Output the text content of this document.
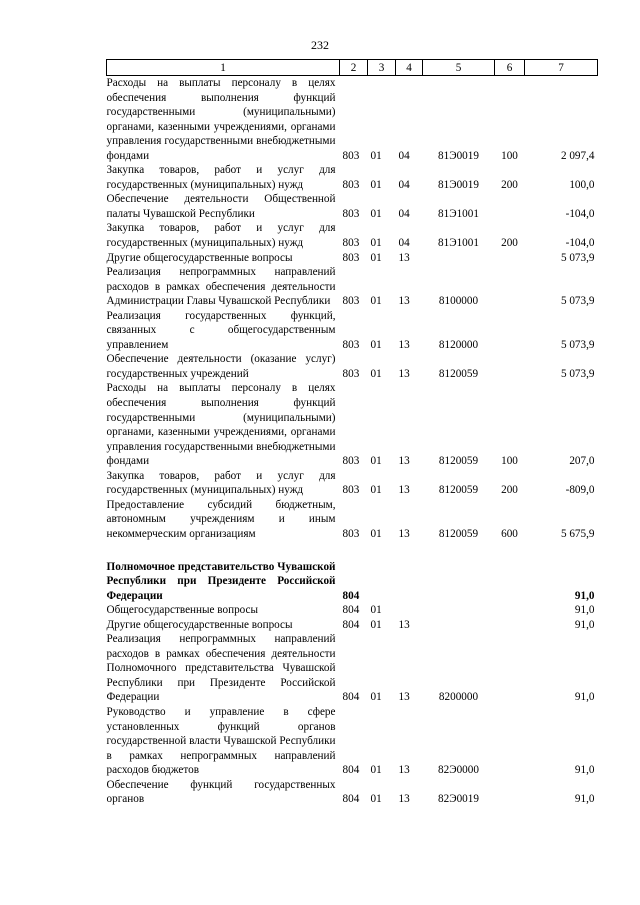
232
1	2	3	4	5	6	7
Расходы на выплаты персоналу в целях обеспечения выполнения функций государственными (муниципальными) органами, казенными учреждениями, органами управления государственными внебюджетными фондами	803	01	04	81Э0019	100	2 097,4
Закупка товаров, работ и услуг для государственных (муниципальных) нужд	803	01	04	81Э0019	200	100,0
Обеспечение деятельности Общественной палаты Чувашской Республики	803	01	04	81Э1001		-104,0
Закупка товаров, работ и услуг для государственных (муниципальных) нужд	803	01	04	81Э1001	200	-104,0
Другие общегосударственные вопросы	803	01	13			5 073,9
Реализация непрограммных направлений расходов в рамках обеспечения деятельности Администрации Главы Чувашской Республики	803	01	13	8100000		5 073,9
Реализация государственных функций, связанных с общегосударственным управлением	803	01	13	8120000		5 073,9
Обеспечение деятельности (оказание услуг) государственных учреждений	803	01	13	8120059		5 073,9
Расходы на выплаты персоналу в целях обеспечения выполнения функций государственными (муниципальными) органами, казенными учреждениями, органами управления государственными внебюджетными фондами	803	01	13	8120059	100	207,0
Закупка товаров, работ и услуг для государственных (муниципальных) нужд	803	01	13	8120059	200	-809,0
Предоставление субсидий бюджетным, автономным учреждениям и иным некоммерческим организациям	803	01	13	8120059	600	5 675,9

Полномочное представительство Чувашской Республики при Президенте Российской Федерации	804					91,0
Общегосударственные вопросы	804	01				91,0
Другие общегосударственные вопросы	804	01	13			91,0
Реализация непрограммных направлений расходов в рамках обеспечения деятельности Полномочного представительства Чувашской Республики при Президенте Российской Федерации	804	01	13	8200000		91,0
Руководство и управление в сфере установленных функций органов государственной власти Чувашской Республики в рамках непрограммных направлений расходов бюджетов	804	01	13	82Э0000		91,0
Обеспечение функций государственных органов	804	01	13	82Э0019		91,0
